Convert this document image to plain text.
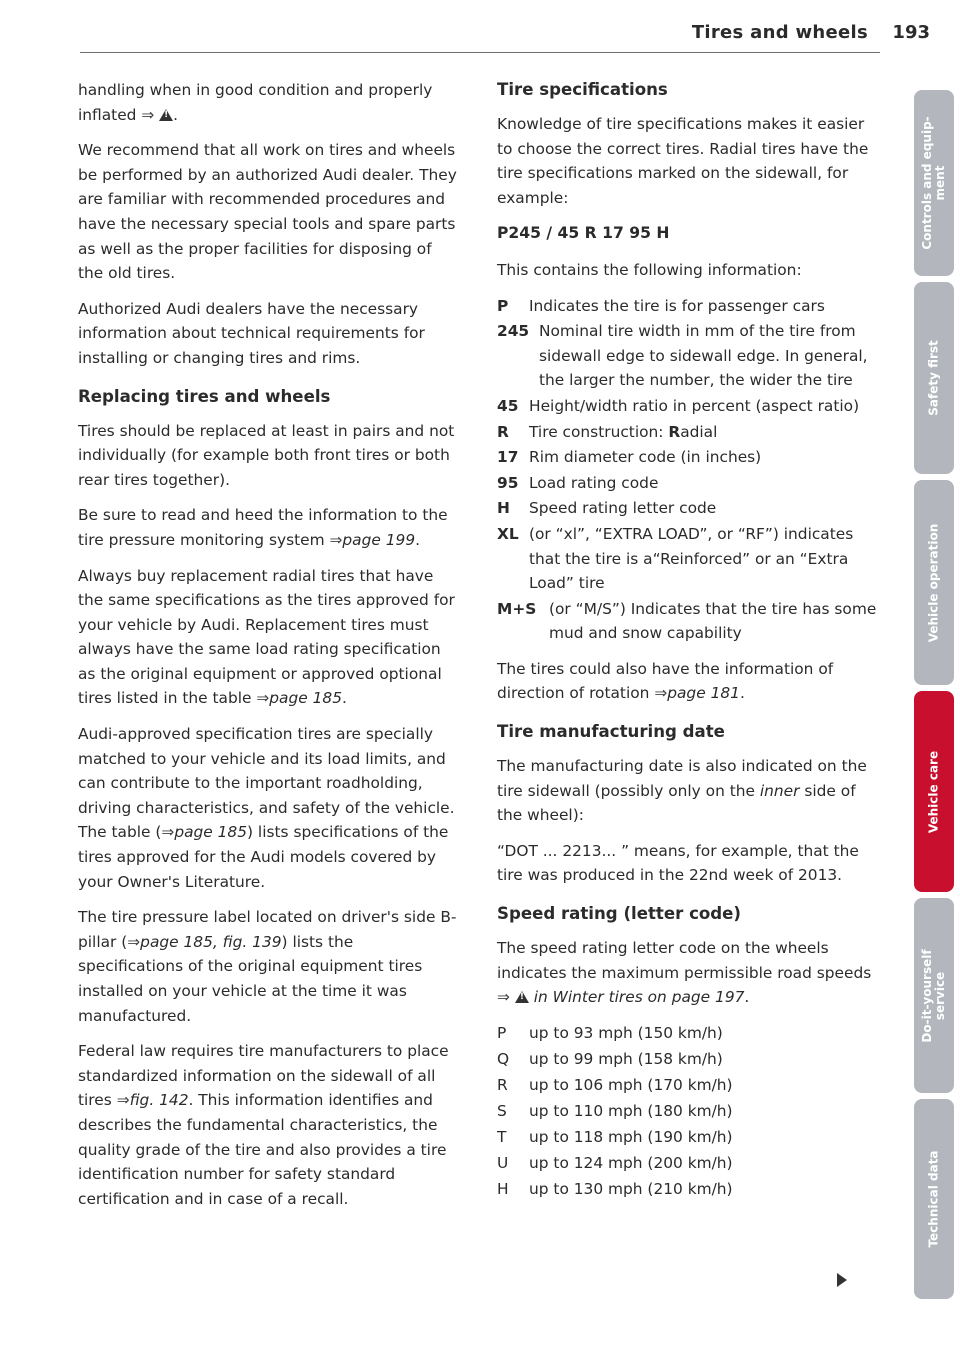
Tires and wheels 193

handling when in good condition and properly inflated ⇒ ! .

We recommend that all work on tires and wheels be performed by an authorized Audi dealer. They are familiar with recommended procedures and have the necessary special tools and spare parts as well as the proper facilities for disposing of the old tires.

Authorized Audi dealers have the necessary information about technical requirements for installing or changing tires and rims.

Replacing tires and wheels

Tires should be replaced at least in pairs and not individually (for example both front tires or both rear tires together).

Be sure to read and heed the information to the tire pressure monitoring system ⇒page 199.

Always buy replacement radial tires that have the same specifications as the tires approved for your vehicle by Audi. Replacement tires must always have the same load rating specification as the original equipment or approved optional tires listed in the table ⇒page 185.

Audi-approved specification tires are specially matched to your vehicle and its load limits, and can contribute to the important roadholding, driving characteristics, and safety of the vehicle. The table (⇒page 185) lists specifications of the tires approved for the Audi models covered by your Owner's Literature.

The tire pressure label located on driver's side B-pillar (⇒page 185, fig. 139) lists the specifications of the original equipment tires installed on your vehicle at the time it was manufactured.

Federal law requires tire manufacturers to place standardized information on the sidewall of all tires ⇒fig. 142. This information identifies and describes the fundamental characteristics, the quality grade of the tire and also provides a tire identification number for safety standard certification and in case of a recall.

Tire specifications

Knowledge of tire specifications makes it easier to choose the correct tires. Radial tires have the tire specifications marked on the sidewall, for example:

P245 / 45 R 17 95 H

This contains the following information:

P Indicates the tire is for passenger cars
245 Nominal tire width in mm of the tire from sidewall edge to sidewall edge. In general, the larger the number, the wider the tire
45 Height/width ratio in percent (aspect ratio)
R Tire construction: Radial
17 Rim diameter code (in inches)
95 Load rating code
H Speed rating letter code
XL (or “xl”, “EXTRA LOAD”, or “RF”) indicates that the tire is a“Reinforced” or an “Extra Load” tire
M+S (or “M/S”) Indicates that the tire has some mud and snow capability

The tires could also have the information of direction of rotation ⇒page 181.

Tire manufacturing date

The manufacturing date is also indicated on the tire sidewall (possibly only on the inner side of the wheel):

“DOT ... 2213... ” means, for example, that the tire was produced in the 22nd week of 2013.

Speed rating (letter code)

The speed rating letter code on the wheels indicates the maximum permissible road speeds ⇒ ! in Winter tires on page 197.

P up to 93 mph (150 km/h)
Q up to 99 mph (158 km/h)
R up to 106 mph (170 km/h)
S up to 110 mph (180 km/h)
T up to 118 mph (190 km/h)
U up to 124 mph (200 km/h)
H up to 130 mph (210 km/h)
Controls and equip-
ment
Safety first
Vehicle operation
Vehicle care
Do-it-yourself
service
Technical data
